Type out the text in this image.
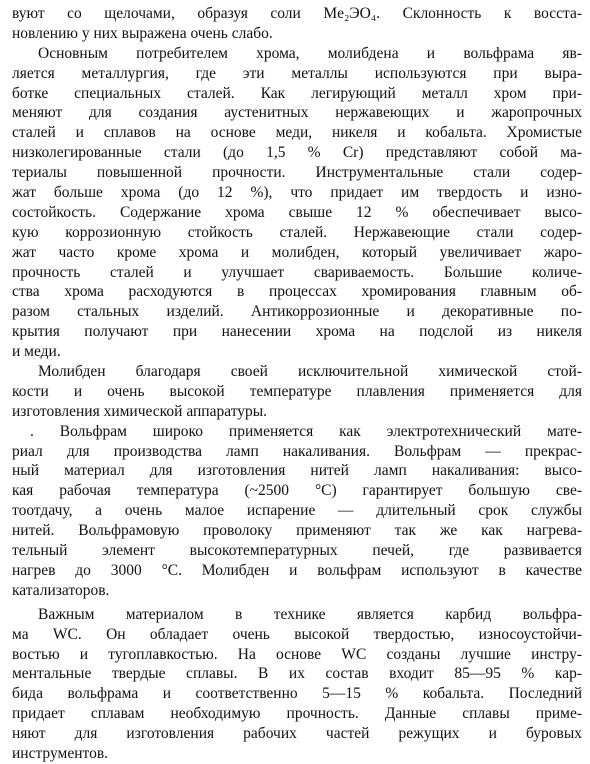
вуют со щелочами, образуя соли Me₂ЭO₄. Склонность к восста-
новлению у них выражена очень слабо.
Основным потребителем хрома, молибдена и вольфрама яв-
ляется металлургия, где эти металлы используются при выра-
ботке специальных сталей. Как легирующий металл хром при-
меняют для создания аустенитных нержавеющих и жаропрочных
сталей и сплавов на основе меди, никеля и кобальта. Хромистые
низколегированные стали (до 1,5 % Cr) представляют собой ма-
териалы повышенной прочности. Инструментальные стали содер-
жат больше хрома (до 12 %), что придает им твердость и изно-
состойкость. Содержание хрома свыше 12 % обеспечивает высо-
кую коррозионную стойкость сталей. Нержавеющие стали содер-
жат часто кроме хрома и молибден, который увеличивает жаро-
прочность сталей и улучшает свариваемость. Большие количе-
ства хрома расходуются в процессах хромирования главным об-
разом стальных изделий. Антикоррозионные и декоративные по-
крытия получают при нанесении хрома на подслой из никеля
и меди.
Молибден благодаря своей исключительной химической стой-
кости и очень высокой температуре плавления применяется для
изготовления химической аппаратуры.
. Вольфрам широко применяется как электротехнический мате-
риал для производства ламп накаливания. Вольфрам — прекрас-
ный материал для изготовления нитей ламп накаливания: высо-
кая рабочая температура (~2500 °C) гарантирует большую све-
тоотдачу, а очень малое испарение — длительный срок службы
нитей. Вольфрамовую проволоку применяют так же как нагрева-
тельный элемент высокотемпературных печей, где развивается
нагрев до 3000 °C. Молибден и вольфрам используют в качестве
катализаторов.
Важным материалом в технике является карбид вольфра-
ма WC. Он обладает очень высокой твердостью, износоустойчи-
востью и тугоплавкостью. На основе WC созданы лучшие инстру-
ментальные твердые сплавы. В их состав входит 85—95 % кар-
бида вольфрама и соответственно 5—15 % кобальта. Последний
придает сплавам необходимую прочность. Данные сплавы приме-
няют для изготовления рабочих частей режущих и буровых
инструментов.
